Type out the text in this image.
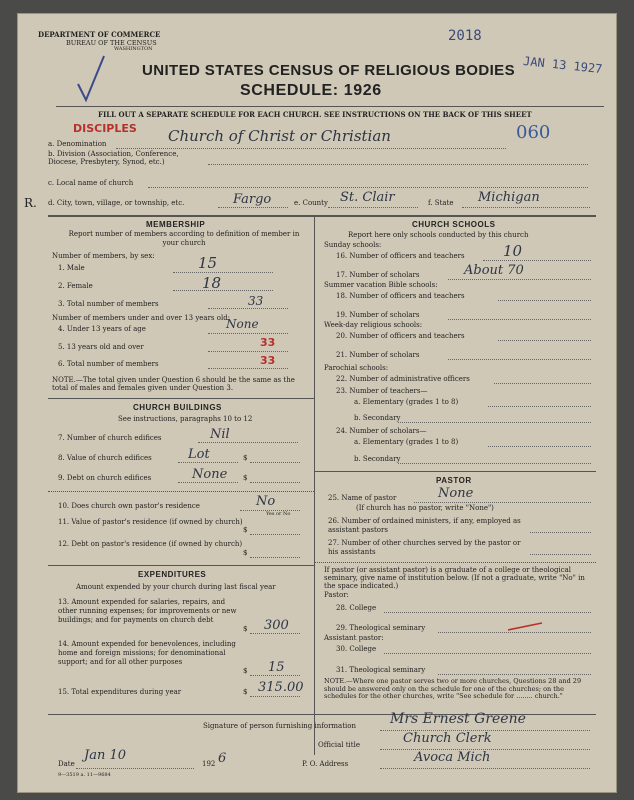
DEPARTMENT OF COMMERCE
BUREAU OF THE CENSUS
WASHINGTON
2018
JAN 13 1927
UNITED STATES CENSUS OF RELIGIOUS BODIES
SCHEDULE: 1926
FILL OUT A SEPARATE SCHEDULE FOR EACH CHURCH. SEE INSTRUCTIONS ON THE BACK OF THIS SHEET
DISCIPLES
a. Denomination	Church of Christ or Christian	060
b. Division (Association, Conference, Diocese, Presbytery, Synod, etc.)
c. Local name of church
R. d. City, town, village, or township, etc.	Fargo	e. County St. Clair	f. State Michigan
MEMBERSHIP
Report number of members according to definition of member in your church
Number of members, by sex:
1. Male	15
2. Female	18
3. Total number of members	33
Number of members under and over 13 years old:
4. Under 13 years of age	None
5. 13 years old and over	33
6. Total number of members	33
NOTE.—The total given under Question 6 should be the same as the total of males and females given under Question 3.
CHURCH BUILDINGS
See instructions, paragraphs 10 to 12
7. Number of church edifices	Nil
8. Value of church edifices	Lot	$
9. Debt on church edifices	None $
10. Does church own pastor's residence	No
Yes or No
11. Value of pastor's residence (if owned by church)
$
12. Debt on pastor's residence (if owned by church)
$
EXPENDITURES
Amount expended by your church during last fiscal year
13. Amount expended for salaries, repairs, and other running expenses; for improvements or new buildings; and for payments on church debt
$ 300
14. Amount expended for benevolences, including home and foreign missions; for denominational support; and for all other purposes
$ 15
15. Total expenditures during year	$ 315.00
CHURCH SCHOOLS
Report here only schools conducted by this church
Sunday schools:
16. Number of officers and teachers	10
17. Number of scholars	About 70
Summer vacation Bible schools:
18. Number of officers and teachers
19. Number of scholars
Week-day religious schools:
20. Number of officers and teachers
21. Number of scholars
Parochial schools:
22. Number of administrative officers
23. Number of teachers—
a. Elementary (grades 1 to 8)
b. Secondary
24. Number of scholars—
a. Elementary (grades 1 to 8)
b. Secondary
PASTOR
25. Name of pastor	None
(If church has no pastor, write "None")
26. Number of ordained ministers, if any, employed as assistant pastors
27. Number of other churches served by the pastor or his assistants
If pastor (or assistant pastor) is a graduate of a college or theological seminary, give name of institution below. (If not a graduate, write "No" in the space indicated.)
Pastor:
28. College
29. Theological seminary
Assistant pastor:
30. College
31. Theological seminary
NOTE.—Where one pastor serves two or more churches, Questions 28 and 29 should be answered only on the schedule for one of the churches; on the schedules for the other churches, write "See schedule for ........ church."
Signature of person furnishing information Mrs Ernest Greene
Official title	Church Clerk
Date
Jan 10
192 6	P. O. Address	Avoca Mich
9—3519 a. 11—9684
